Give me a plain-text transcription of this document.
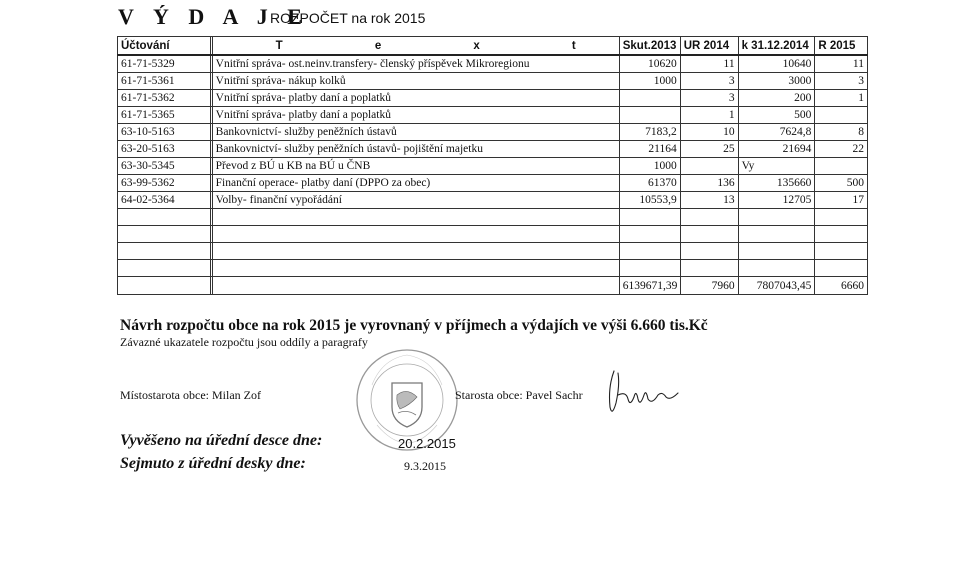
V Ý D A J E
ROZPOČET na rok 2015
Účtování		T e x t	Skut.2013	UR 2014	k 31.12.2014	R 2015
61-71-5329		Vnitřní správa- ost.neinv.transfery- členský příspěvek Mikroregionu	10620	11	10640	11
61-71-5361		Vnitřní správa- nákup kolků	1000	3	3000	3
61-71-5362		Vnitřní správa- platby daní a poplatků		3	200	1
61-71-5365		Vnitřní správa- platby daní a poplatků		1	500	
63-10-5163		Bankovnictví- služby peněžních ústavů	7183,2	10	7624,8	8
63-20-5163		Bankovnictví- služby peněžních ústavů- pojištění majetku	21164	25	21694	22
63-30-5345		Převod z BÚ u KB na BÚ u ČNB	1000		Vy	
63-99-5362		Finanční operace- platby daní (DPPO za obec)	61370	136	135660	500
64-02-5364		Volby- finanční vypořádání	10553,9	13	12705	17

			6139671,39	7960	7807043,45	6660
Návrh rozpočtu obce na rok 2015 je vyrovnaný v příjmech a výdajích ve výši 6.660 tis.Kč
Závazné ukazatele rozpočtu jsou oddíly a paragrafy
Místostarota obce: Milan Zof	Starosta obce: Pavel Sachr
Vyvěšeno na úřední desce dne:	20.2.2015
Sejmuto z úřední desky dne:	9.3.2015
